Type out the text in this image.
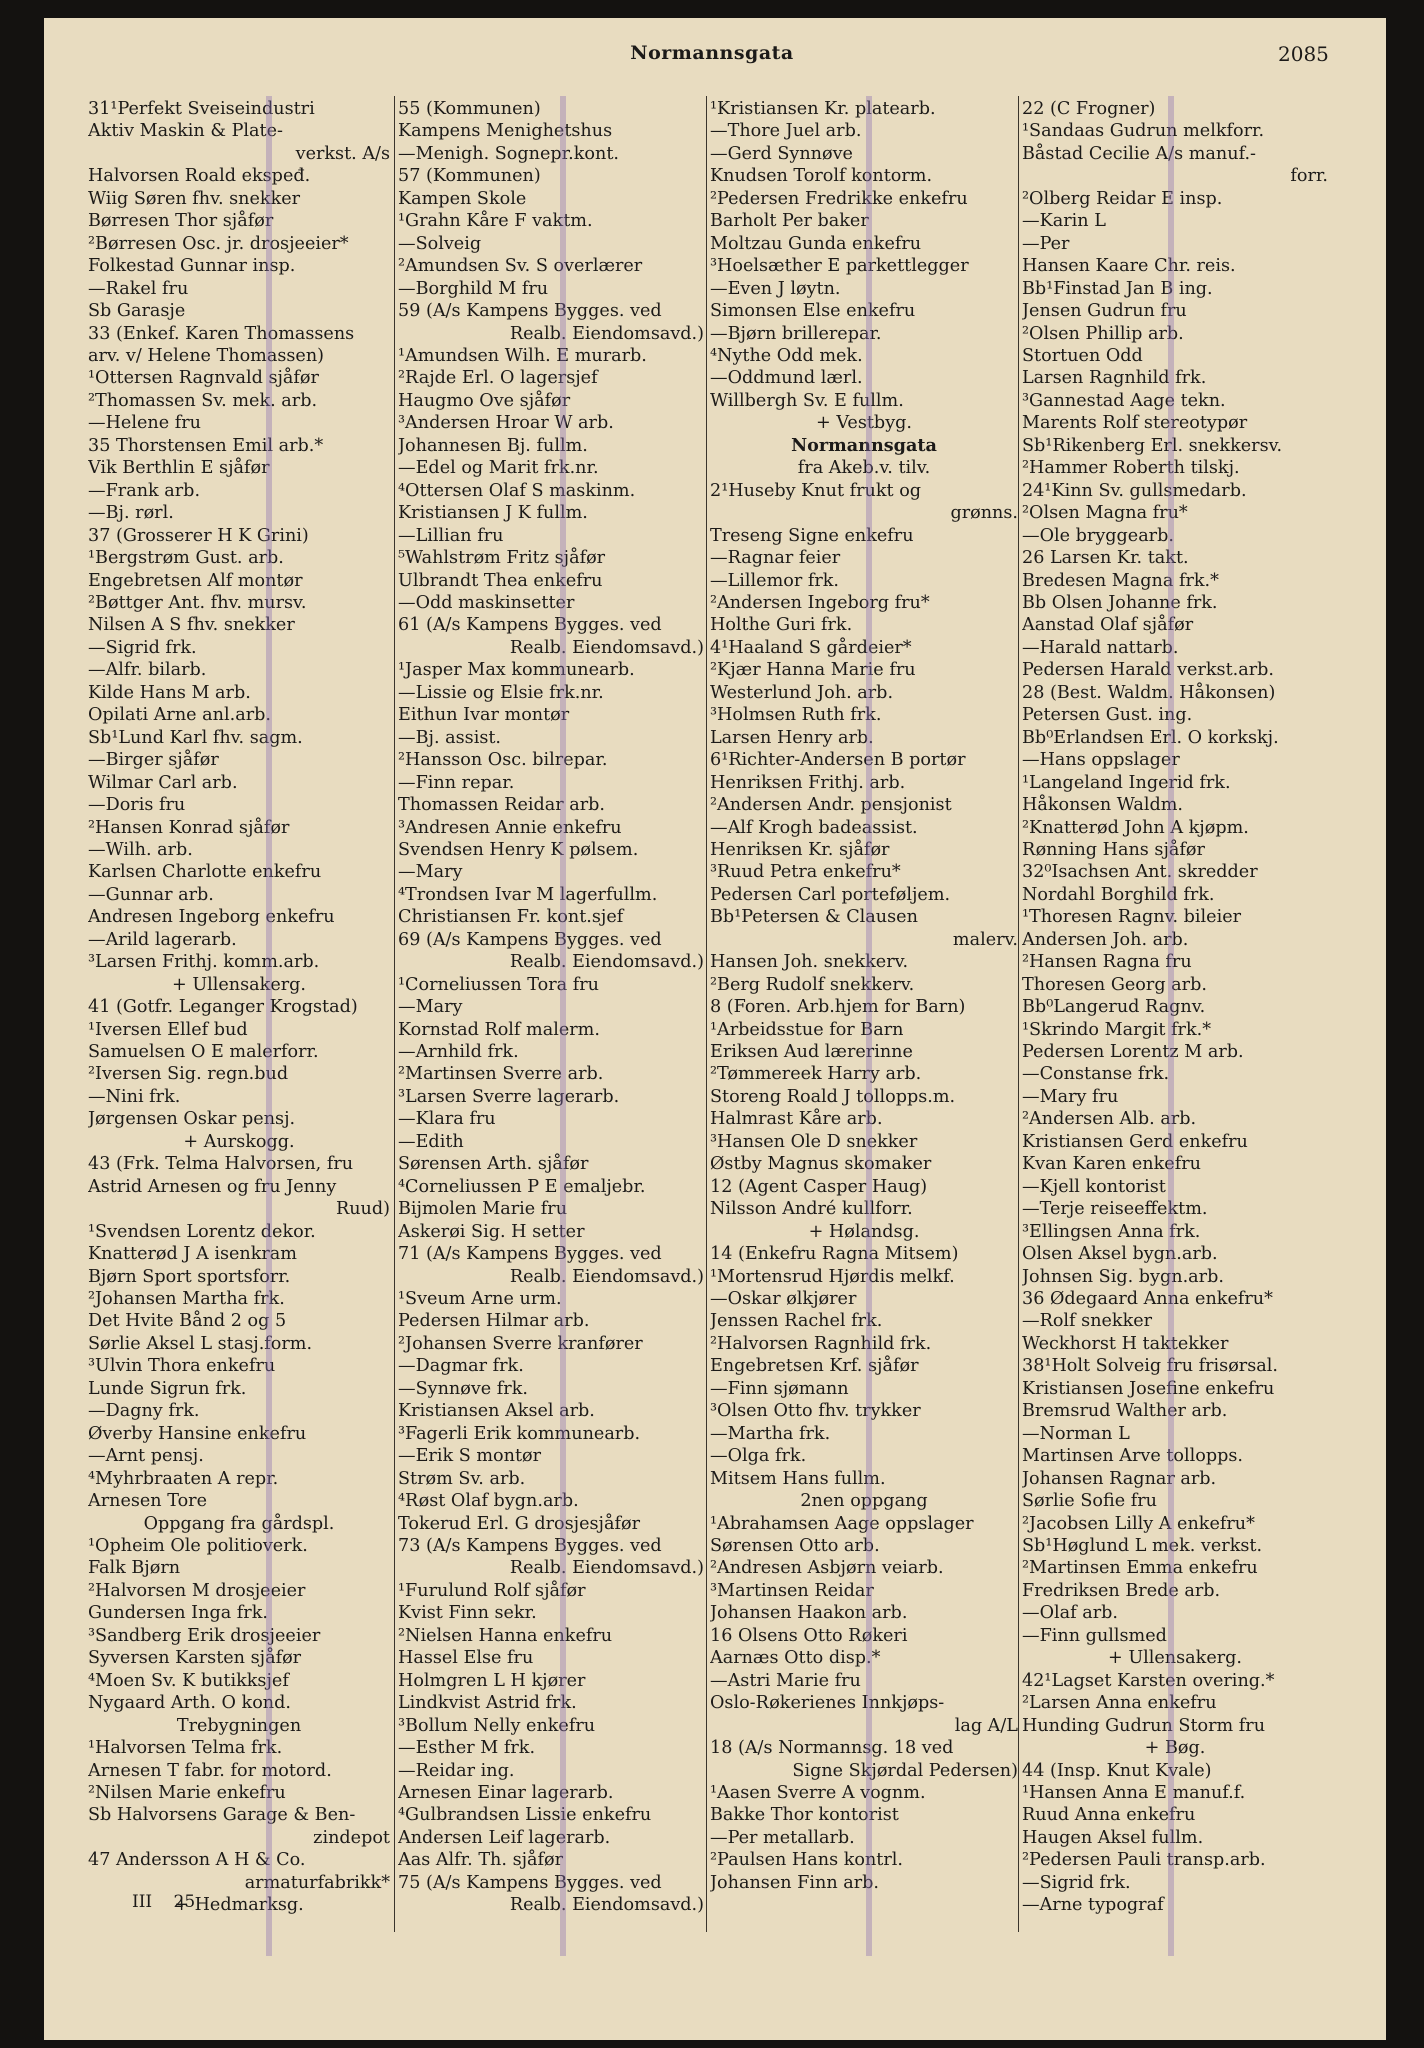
Normannsgata	2085
31¹Perfekt Sveiseindustri
Aktiv Maskin & Plate-
verkst. A/s
Halvorsen Roald ekspeđ.
Wiig Søren fhv. snekker
Børresen Thor sjåfør
²Børresen Osc. jr. drosjeeier*
Folkestad Gunnar insp.
—Rakel fru
Sb Garasje
33 (Enkef. Karen Thomassens
arv. v/ Helene Thomassen)
¹Ottersen Ragnvald sjåfør
²Thomassen Sv. mek. arb.
—Helene fru
35 Thorstensen Emil arb.*
Vik Berthlin E sjåfør
—Frank arb.
—Bj. rørl.
37 (Grosserer H K Grini)
¹Bergstrøm Gust. arb.
Engebretsen Alf montør
²Bøttger Ant. fhv. mursv.
Nilsen A S fhv. snekker
—Sigrid frk.
—Alfr. bilarb.
Kilde Hans M arb.
Opilati Arne anl.arb.
Sb¹Lund Karl fhv. sagm.
—Birger sjåfør
Wilmar Carl arb.
—Doris fru
²Hansen Konrad sjåfør
—Wilh. arb.
Karlsen Charlotte enkefru
—Gunnar arb.
Andresen Ingeborg enkefru
—Arild lagerarb.
³Larsen Frithj. komm.arb.
+ Ullensakerg.
41 (Gotfr. Leganger Krogstad)
¹Iversen Ellef bud
Samuelsen O E malerforr.
²Iversen Sig. regn.bud
—Nini frk.
Jørgensen Oskar pensj.
+ Aurskogg.
43 (Frk. Telma Halvorsen, fru
Astrid Arnesen og fru Jenny
Ruud)
¹Svendsen Lorentz dekor.
Knatterød J A isenkram
Bjørn Sport sportsforr.
²Johansen Martha frk.
Det Hvite Bånd 2 og 5
Sørlie Aksel L stasj.form.
³Ulvin Thora enkefru
Lunde Sigrun frk.
—Dagny frk.
Øverby Hansine enkefru
—Arnt pensj.
⁴Myhrbraaten A repr.
Arnesen Tore
Oppgang fra gårdspl.
¹Opheim Ole politioverk.
Falk Bjørn
²Halvorsen M drosjeeier
Gundersen Inga frk.
³Sandberg Erik drosjeeier
Syversen Karsten sjåfør
⁴Moen Sv. K butikksjef
Nygaard Arth. O kond.
Trebygningen
¹Halvorsen Telma frk.
Arnesen T fabr. for motord.
²Nilsen Marie enkefru
Sb Halvorsens Garage & Ben-
zindepot
47 Andersson A H & Co.
armaturfabrikk*
+ Hedmarksg.
55 (Kommunen)
Kampens Menighetshus
—Menigh. Sognepr.kont.
57 (Kommunen)
Kampen Skole
¹Grahn Kåre F vaktm.
—Solveig
²Amundsen Sv. S overlærer
—Borghild M fru
59 (A/s Kampens Bygges. ved
Realb. Eiendomsavd.)
¹Amundsen Wilh. E murarb.
²Rajde Erl. O lagersjef
Haugmo Ove sjåfør
³Andersen Hroar W arb.
Johannesen Bj. fullm.
—Edel og Marit frk.nr.
⁴Ottersen Olaf S maskinm.
Kristiansen J K fullm.
—Lillian fru
⁵Wahlstrøm Fritz sjåfør
Ulbrandt Thea enkefru
—Odd maskinsetter
61 (A/s Kampens Bygges. ved
Realb. Eiendomsavd.)
¹Jasper Max kommunearb.
—Lissie og Elsie frk.nr.
Eithun Ivar montør
—Bj. assist.
²Hansson Osc. bilrepar.
—Finn repar.
Thomassen Reidar arb.
³Andresen Annie enkefru
Svendsen Henry K pølsem.
—Mary
⁴Trondsen Ivar M lagerfullm.
Christiansen Fr. kont.sjef
69 (A/s Kampens Bygges. ved
Realb. Eiendomsavd.)
¹Corneliussen Tora fru
—Mary
Kornstad Rolf malerm.
—Arnhild frk.
²Martinsen Sverre arb.
³Larsen Sverre lagerarb.
—Klara fru
—Edith
Sørensen Arth. sjåfør
⁴Corneliussen P E emaljebr.
Bijmolen Marie fru
Askerøi Sig. H setter
71 (A/s Kampens Bygges. ved
Realb. Eiendomsavd.)
¹Sveum Arne urm.
Pedersen Hilmar arb.
²Johansen Sverre kranfører
—Dagmar frk.
—Synnøve frk.
Kristiansen Aksel arb.
³Fagerli Erik kommunearb.
—Erik S montør
Strøm Sv. arb.
⁴Røst Olaf bygn.arb.
Tokerud Erl. G drosjesjåfør
73 (A/s Kampens Bygges. ved
Realb. Eiendomsavd.)
¹Furulund Rolf sjåfør
Kvist Finn sekr.
²Nielsen Hanna enkefru
Hassel Else fru
Holmgren L H kjører
Lindkvist Astrid frk.
³Bollum Nelly enkefru
—Esther M frk.
—Reidar ing.
Arnesen Einar lagerarb.
⁴Gulbrandsen Lissie enkefru
Andersen Leif lagerarb.
Aas Alfr. Th. sjåfør
75 (A/s Kampens Bygges. ved
Realb. Eiendomsavd.)
¹Kristiansen Kr. platearb.
—Thore Juel arb.
—Gerd Synnøve
Knudsen Torolf kontorm.
²Pedersen Fredrikke enkefru
Barholt Per baker
Moltzau Gunda enkefru
³Hoelsæther E parkettlegger
—Even J løytn.
Simonsen Else enkefru
—Bjørn brillerepar.
⁴Nythe Odd mek.
—Oddmund lærl.
Willbergh Sv. E fullm.
+ Vestbyg.
Normannsgata
fra Akeb.v. tilv.
2¹Huseby Knut frukt og
grønns.
Treseng Signe enkefru
—Ragnar feier
—Lillemor frk.
²Andersen Ingeborg fru*
Holthe Guri frk.
4¹Haaland S gårdeier*
²Kjær Hanna Marie fru
Westerlund Joh. arb.
³Holmsen Ruth frk.
Larsen Henry arb.
6¹Richter-Andersen B portør
Henriksen Frithj. arb.
²Andersen Andr. pensjonist
—Alf Krogh badeassist.
Henriksen Kr. sjåfør
³Ruud Petra enkefru*
Pedersen Carl porteføljem.
Bb¹Petersen & Clausen
malerv.
Hansen Joh. snekkerv.
²Berg Rudolf snekkerv.
8 (Foren. Arb.hjem for Barn)
¹Arbeidsstue for Barn
Eriksen Aud lærerinne
²Tømmereek Harry arb.
Storeng Roald J tollopps.m.
Halmrast Kåre arb.
³Hansen Ole D snekker
Østby Magnus skomaker
12 (Agent Casper Haug)
Nilsson André kullforr.
+ Hølandsg.
14 (Enkefru Ragna Mitsem)
¹Mortensrud Hjørdis melkf.
—Oskar ølkjører
Jenssen Rachel frk.
²Halvorsen Ragnhild frk.
Engebretsen Krf. sjåfør
—Finn sjømann
³Olsen Otto fhv. trykker
—Martha frk.
—Olga frk.
Mitsem Hans fullm.
2nen oppgang
¹Abrahamsen Aage oppslager
Sørensen Otto arb.
²Andresen Asbjørn veiarb.
³Martinsen Reidar
Johansen Haakon arb.
16 Olsens Otto Røkeri
Aarnæs Otto disp.*
—Astri Marie fru
Oslo-Røkerienes Innkjøps-
lag A/L
18 (A/s Normannsg. 18 ved
Signe Skjørdal Pedersen)
¹Aasen Sverre A vognm.
Bakke Thor kontorist
—Per metallarb.
²Paulsen Hans kontrl.
Johansen Finn arb.
22 (C Frogner)
¹Sandaas Gudrun melkforr.
Båstad Cecilie A/s manuf.-
forr.
²Olberg Reidar E insp.
—Karin L
—Per
Hansen Kaare Chr. reis.
Bb¹Finstad Jan B ing.
Jensen Gudrun fru
²Olsen Phillip arb.
Stortuen Odd
Larsen Ragnhild frk.
³Gannestad Aage tekn.
Marents Rolf stereotypør
Sb¹Rikenberg Erl. snekkersv.
²Hammer Roberth tilskj.
24¹Kinn Sv. gullsmedarb.
²Olsen Magna fru*
—Ole bryggearb.
26 Larsen Kr. takt.
Bredesen Magna frk.*
Bb Olsen Johanne frk.
Aanstad Olaf sjåfør
—Harald nattarb.
Pedersen Harald verkst.arb.
28 (Best. Waldm. Håkonsen)
Petersen Gust. ing.
Bb⁰Erlandsen Erl. O korkskj.
—Hans oppslager
¹Langeland Ingerid frk.
Håkonsen Waldm.
²Knatterød John A kjøpm.
Rønning Hans sjåfør
32⁰Isachsen Ant. skredder
Nordahl Borghild frk.
¹Thoresen Ragnv. bileier
Andersen Joh. arb.
²Hansen Ragna fru
Thoresen Georg arb.
Bb⁰Langerud Ragnv.
¹Skrindo Margit frk.*
Pedersen Lorentz M arb.
—Constanse frk.
—Mary fru
²Andersen Alb. arb.
Kristiansen Gerd enkefru
Kvan Karen enkefru
—Kjell kontorist
—Terje reiseeffektm.
³Ellingsen Anna frk.
Olsen Aksel bygn.arb.
Johnsen Sig. bygn.arb.
36 Ødegaard Anna enkefru*
—Rolf snekker
Weckhorst H taktekker
38¹Holt Solveig fru frisørsal.
Kristiansen Josefine enkefru
Bremsrud Walther arb.
—Norman L
Martinsen Arve tollopps.
Johansen Ragnar arb.
Sørlie Sofie fru
²Jacobsen Lilly A enkefru*
Sb¹Høglund L mek. verkst.
²Martinsen Emma enkefru
Fredriksen Brede arb.
—Olaf arb.
—Finn gullsmed
+ Ullensakerg.
42¹Lagset Karsten overing.*
²Larsen Anna enkefru
Hunding Gudrun Storm fru
+ Bøg.
44 (Insp. Knut Kvale)
¹Hansen Anna E manuf.f.
Ruud Anna enkefru
Haugen Aksel fullm.
²Pedersen Pauli transp.arb.
—Sigrid frk.
—Arne typograf
III 25
